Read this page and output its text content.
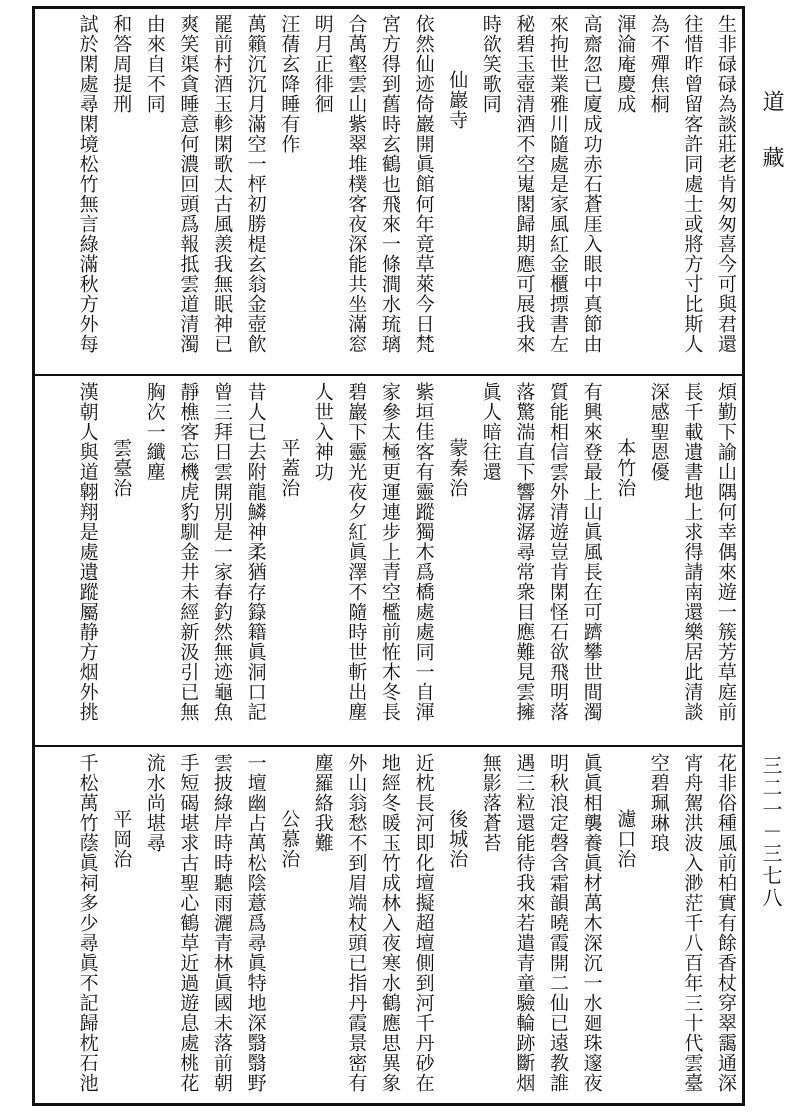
道　藏
三二一－三七八
生非碌碌為談莊老肯匆匆喜今可與君還
往惜昨曾留客許同處士或將方寸比斯人
為不殫焦桐
渾淪庵慶成
高齋忽已廈成功赤石蒼厓入眼中真節由
來拘世業雅川隨處是家風紅金櫃摽書左
秘碧玉壺清酒不空嵬閣歸期應可展我來
時欲笑歌同
仙巖寺
依然仙迹倚巖開眞館何年竟草萊今日梵
宮方得到舊時玄鶴也飛來一條澗水琉璃
合萬壑雲山紫翠堆樸客夜深能共坐滿窓
明月正徘徊
汪蒨玄降睡有作
萬籟沉沉月滿空一枰初勝㮛玄翁金壺飮
罷前村酒玉軫閑歌太古風羨我無眠神已
爽笑渠貪睡意何濃回頭爲報抵雲道清濁
由來自不同
和答周提刑
試於閑處尋閑境松竹無言綠滿秋方外每
煩勤下諭山隅何幸偶來遊一簇芳草庭前
長千載遺書地上求得請南還樂居此清談
深感聖恩優
本竹治
有興來登最上山眞風長在可躋攀世間濁
質能相信雲外清遊豈肯閑怪石欲飛明落
落驚湍直下響潺潺尋常衆目應難見雲擁
眞人暗往還
蒙秦治
紫垣佳客有靈蹤獨木爲橋處處同一自渾
家參太極更運連步上青空檻前恠木冬長
碧巖下靈光夜夕紅眞澤不隨時世斬出塵
人世入神功
平蓋治
昔人已去附龍鱗神柔猶存籙籍眞洞口記
曾三拜日雲開別是一家春釣然無迹龜魚
靜樵客忘機虎豹馴金井未經新汲引已無
胸次一纖塵
雲臺治
漢朝人與道翺翔是處遺蹤屬静方烟外挑
花非俗種風前柏實有餘香杖穿翠靄通深
宵舟駕洪波入渺茫千八百年三十代雲臺
空碧珮琳琅
濾口治
眞眞相襲養眞材萬木深沉一水廻珠邃夜
明秋浪定磬含霜韻曉霞開二仙已遠教誰
遇三粒還能待我來若遣青童驗輪跡斷烟
無影落蒼苔
後城治
近枕長河即化壇擬超壇側到河千丹砂在
地經冬暖玉竹成林入夜寒水鶴應思異象
外山翁愁不到眉端杖頭已指丹霞景密有
塵羅絡我難
公慕治
一壇幽占萬松陰薏爲尋眞特地深翳翳野
雲披綠岸時時聽雨灑青林眞國未落前朝
手短碣堪求古聖心鶴草近過遊息處桃花
流水尚堪尋
平岡治
千松萬竹蔭眞祠多少尋眞不記歸枕石池
